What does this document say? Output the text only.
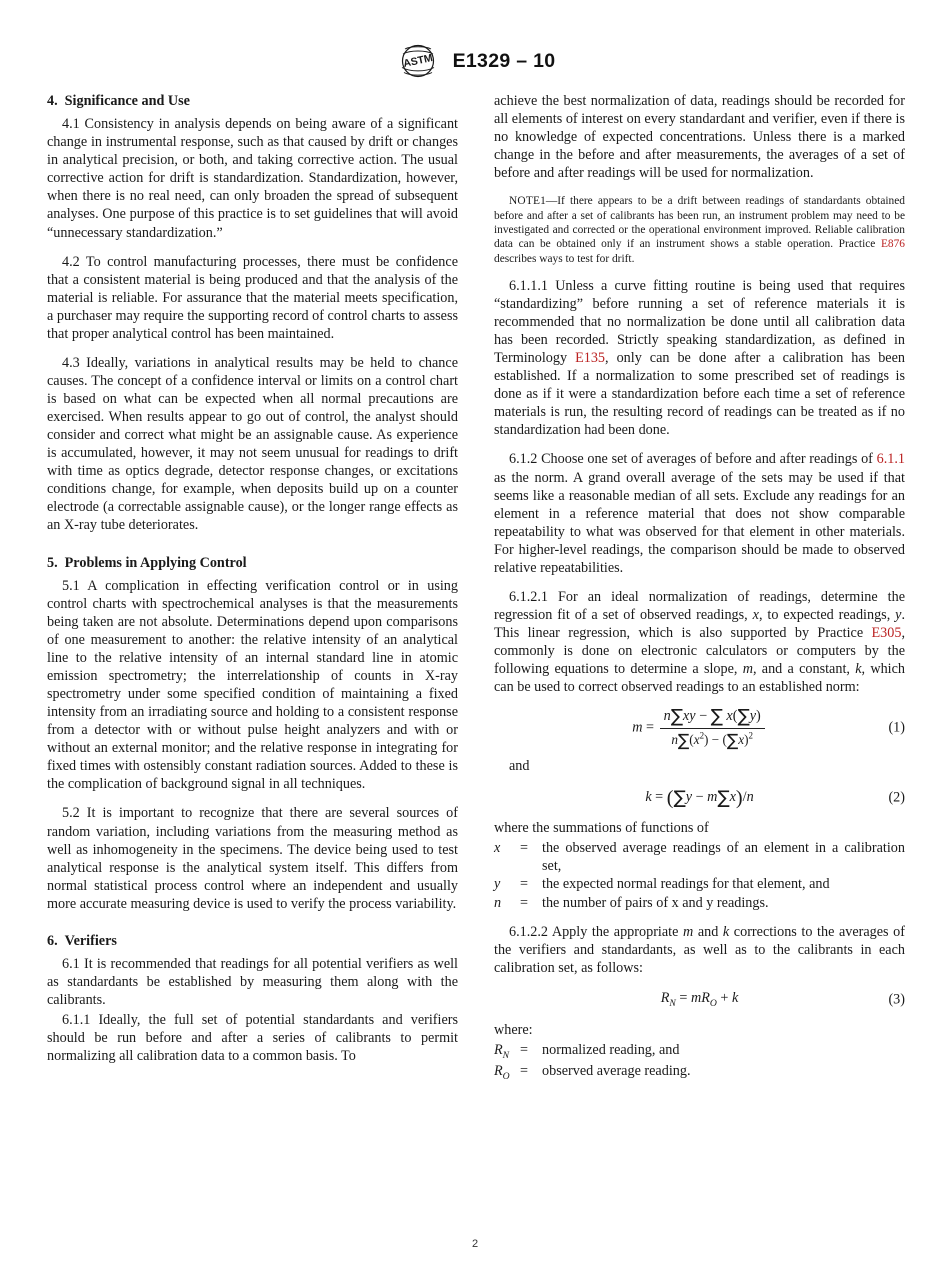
ASTM E1329 – 10
4. Significance and Use

4.1 Consistency in analysis depends on being aware of a significant change in instrumental response, such as that caused by drift or changes in analytical precision, or both, and taking corrective action. The usual corrective action for drift is standardization. Standardization, however, when there is no real need, can only broaden the spread of subsequent analyses. One purpose of this practice is to set guidelines that will avoid “unnecessary standardization.”

4.2 To control manufacturing processes, there must be confidence that a consistent material is being produced and that the analysis of the material is reliable. For assurance that the material meets specification, a purchaser may require the supporting record of control charts to assess that proper analytical control has been maintained.

4.3 Ideally, variations in analytical results may be held to chance causes. The concept of a confidence interval or limits on a control chart is based on what can be expected when all normal precautions are exercised. When results appear to go out of control, the analyst should consider and correct what might be an assignable cause. As experience is accumulated, however, it may not seem unusual for readings to drift with time as optics degrade, detector response changes, or excitations conditions change, for example, when deposits build up on a counter electrode (a correctable assignable cause), or the longer range effects as an X-ray tube deteriorates.

5. Problems in Applying Control

5.1 A complication in effecting verification control or in using control charts with spectrochemical analyses is that the measurements being taken are not absolute. Determinations depend upon comparisons of one measurement to another: the relative intensity of an analytical line to the relative intensity of an internal standard line in atomic emission spectrometry; the interrelationship of counts in X-ray spectrometry under some specified condition of maintaining a fixed intensity from an irradiating source and holding to a consistent response from a detector with or without pulse height analyzers and with or without an external monitor; and the relative response in integrating for fixed times with ostensibly constant radiation sources. Added to these is the complication of background signal in all techniques.

5.2 It is important to recognize that there are several sources of random variation, including variations from the measuring method as well as inhomogeneity in the specimens. The device being used to test analytical response is the analytical system itself. This differs from normal statistical process control where an independent and usually more accurate measuring device is used to verify the process variability.

6. Verifiers

6.1 It is recommended that readings for all potential verifiers as well as standardants be established by measuring them along with the calibrants.

6.1.1 Ideally, the full set of potential standardants and verifiers should be run before and after a series of calibrants to permit normalizing all calibration data to a common basis. To

achieve the best normalization of data, readings should be recorded for all elements of interest on every standardant and verifier, even if there is no knowledge of expected concentrations. Unless there is a marked change in the before and after measurements, the averages of a set of before and after readings will be used for normalization.

NOTE1—If there appears to be a drift between readings of standardants obtained before and after a set of calibrants has been run, an instrument problem may need to be investigated and corrected or the operational environment improved. Reliable calibration data can be obtained only if an instrument shows a stable operation. Practice E876 describes ways to test for drift.

6.1.1.1 Unless a curve fitting routine is being used that requires “standardizing” before running a set of reference materials it is recommended that no normalization be done until all calibration data has been recorded. Strictly speaking standardization, as defined in Terminology E135, only can be done after a calibration has been established. If a normalization to some prescribed set of readings is done as if it were a standardization before each time a set of reference materials is run, the resulting record of readings can be treated as if no standardization had been done.

6.1.2 Choose one set of averages of before and after readings of 6.1.1 as the norm. A grand overall average of the sets may be used if that seems like a reasonable median of all sets. Exclude any readings for an element in a reference material that does not show comparable repeatability to what was observed for that element in other materials. For higher-level readings, the comparison should be made to observed relative repeatabilities.

6.1.2.1 For an ideal normalization of readings, determine the regression fit of a set of observed readings, x, to expected readings, y. This linear regression, which is also supported by Practice E305, commonly is done on electronic calculators or computers by the following equations to determine a slope, m, and a constant, k, which can be used to correct observed readings to an established norm:

$m = \frac{n\sum xy - \sum x(\sum y)}{n\sum(x^2) - (\sum x)^2}$	(1)

and

k = (∑y − m∑x)/n	(2)

where the summations of functions of

x	=	the observed average readings of an element in a calibration set,
y	=	the expected normal readings for that element, and
n	=	the number of pairs of x and y readings.

6.1.2.2 Apply the appropriate m and k corrections to the averages of the verifiers and standardants, as well as to the calibrants in each calibration set, as follows:

$R_N = mR_O + k$	(3)

where:

$R_N$	=	normalized reading, and
$R_O$	=	observed average reading.
2
